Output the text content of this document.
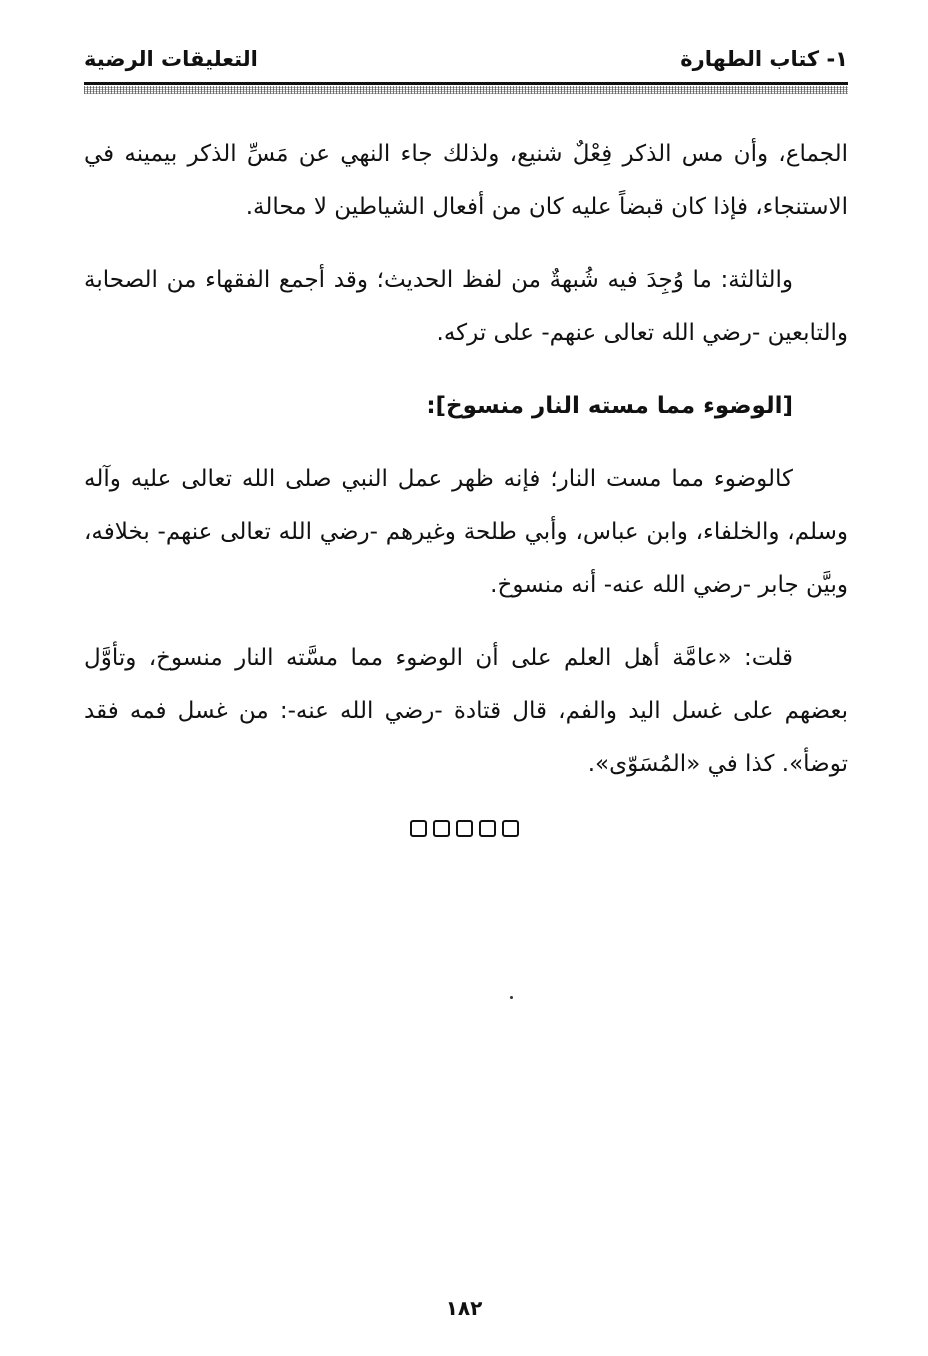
١- كتاب الطهارة
التعليقات الرضية

الجماع، وأن مس الذكر فِعْلٌ شنيع، ولذلك جاء النهي عن مَسِّ الذكر بيمينه في الاستنجاء، فإذا كان قبضاً عليه كان من أفعال الشياطين لا محالة.

والثالثة: ما وُجِدَ فيه شُبهةٌ من لفظ الحديث؛ وقد أجمع الفقهاء من الصحابة والتابعين -رضي الله تعالى عنهم- على تركه.

[الوضوء مما مسته النار منسوخ]:

كالوضوء مما مست النار؛ فإنه ظهر عمل النبي صلى الله تعالى عليه وآله وسلم، والخلفاء، وابن عباس، وأبي طلحة وغيرهم -رضي الله تعالى عنهم- بخلافه، وبيَّن جابر -رضي الله عنه- أنه منسوخ.

قلت: «عامَّة أهل العلم على أن الوضوء مما مسَّته النار منسوخ، وتأوَّل بعضهم على غسل اليد والفم، قال قتادة -رضي الله عنه-: من غسل فمه فقد توضأ». كذا في «المُسَوّى».

١٨٢
